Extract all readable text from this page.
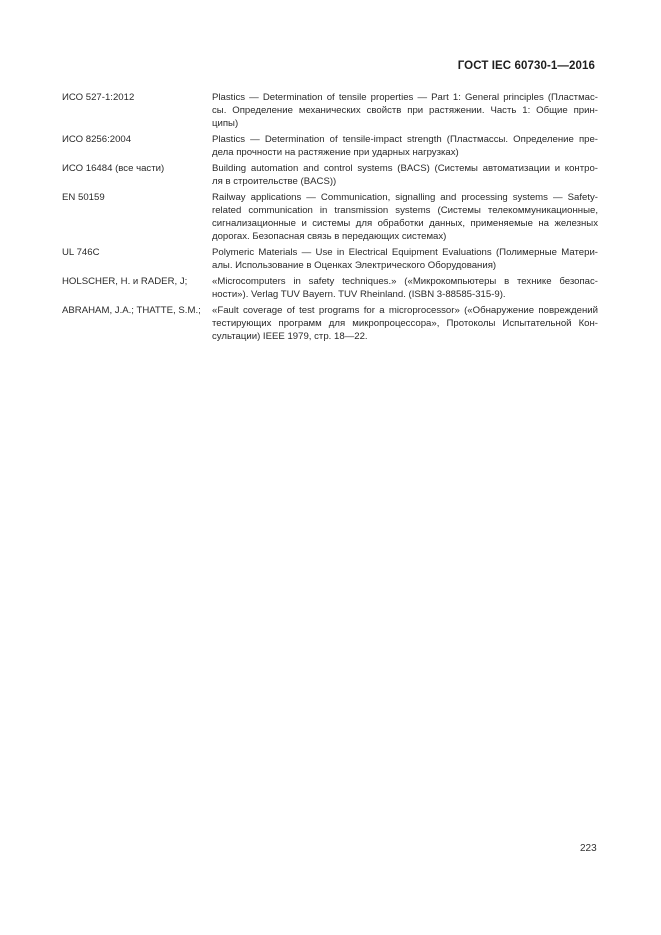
ГОСТ IEC 60730-1—2016
ИСО 527-1:2012	Plastics — Determination of tensile properties — Part 1: General principles (Пластмас-
сы. Определение механических свойств при растяжении. Часть 1: Общие прин-
ципы)
ИСО 8256:2004	Plastics — Determination of tensile-impact strength (Пластмассы. Определение пре-
дела прочности на растяжение при ударных нагрузках)
ИСО 16484 (все части)	Building automation and control systems (BACS) (Системы автоматизации и контро-
ля в строительстве (BACS))
EN 50159	Railway applications — Communication, signalling and processing systems — Safety-
related communication in transmission systems (Системы телекоммуникационные,
сигнализационные и системы для обработки данных, применяемые на железных
дорогах. Безопасная связь в передающих системах)
UL 746C	Polymeric Materials — Use in Electrical Equipment Evaluations (Полимерные Матери-
алы. Использование в Оценках Электрического Оборудования)
HOLSCHER, H. и RADER, J;	«Microcomputers in safety techniques.» («Микрокомпьютеры в технике безопас-
ности»). Verlag TUV Bayern. TUV Rheinland. (ISBN 3-88585-315-9).
ABRAHAM, J.A.; THATTE, S.M.;	«Fault coverage of test programs for a microprocessor» («Обнаружение повреждений
тестирующих программ для микропроцессора», Протоколы Испытательной Кон-
сультации) IEEE 1979, стр. 18—22.
223
